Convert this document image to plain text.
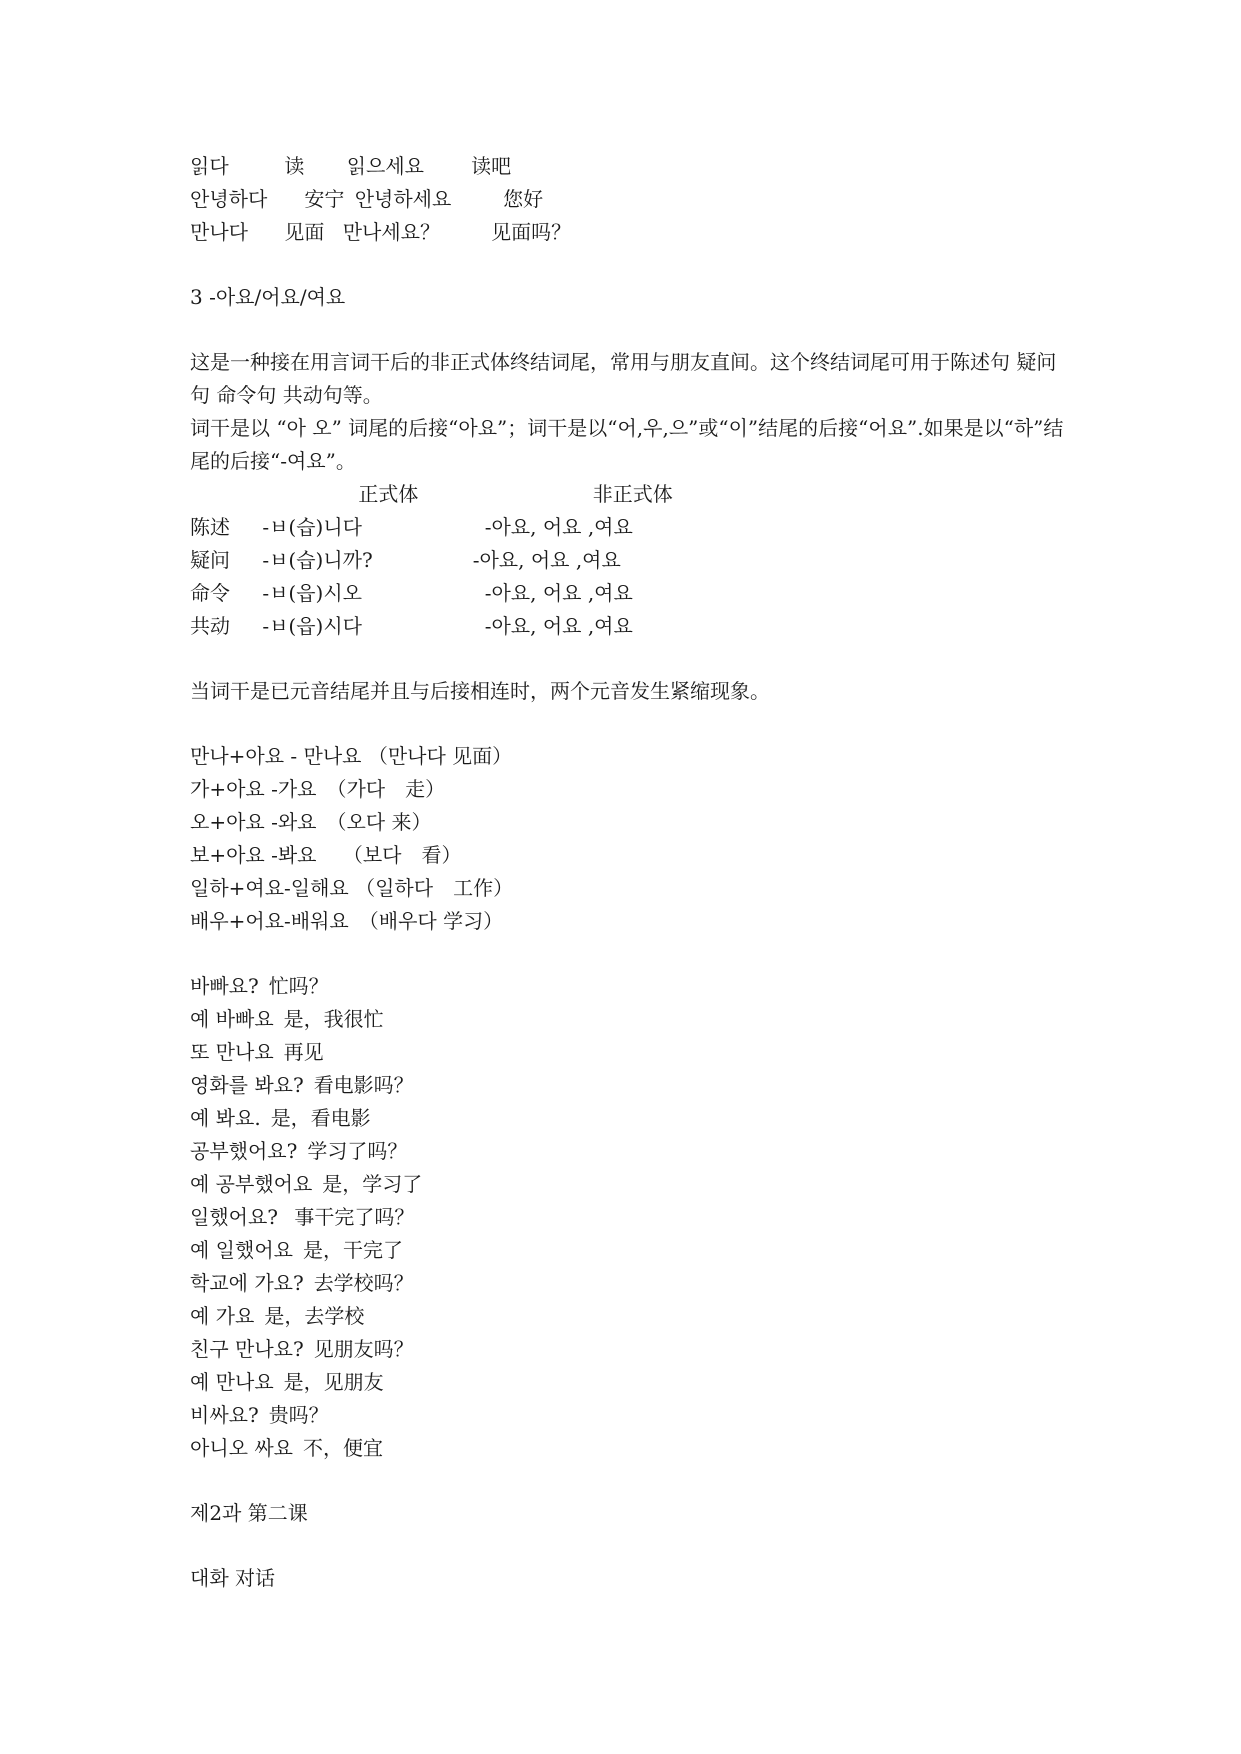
읽다	读 읽으세요 读吧
안녕하다 安宁 안녕하세요	您好
만나다 见面 만나세요？	见面吗？
3 -아요/어요/여요
这是一种接在用言词干后的非正式体终结词尾，常用与朋友直间。这个终结词尾可用于陈述句 疑问句 命令句 共动句等。
词干是以 “아 오” 词尾的后接“아요”；词干是以“어,우,으”或“이”结尾的后接“어요”.如果是以“하”结尾的后接“-여요”。
正式体	非正式体
陈述 -ㅂ(습)니다	-아요, 어요 ,여요
疑问 -ㅂ(습)니까?	-아요, 어요 ,여요
命令 -ㅂ(읍)시오	-아요, 어요 ,여요
共动 -ㅂ(읍)시다	-아요, 어요 ,여요
当词干是已元音结尾并且与后接相连时，两个元音发生紧缩现象。
만나+아요 - 만나요 （만나다 见面）
가+아요 -가요　（가다　走）
오+아요 -와요　（오다 来）
보+아요 -봐요　 （보다　看）
일하+여요-일해요 （일하다　工作）
배우+어요-배워요　（배우다 学习）
바빠요? 忙吗？
예 바빠요 是，我很忙
또 만나요 再见
영화를 봐요? 看电影吗？
예 봐요. 是，看电影
공부했어요? 学习了吗？
예 공부했어요 是，学习了
일했어요? 事干完了吗？
예 일했어요 是，干完了
학교에 가요? 去学校吗？
예 가요 是，去学校
친구 만나요? 见朋友吗？
예 만나요 是，见朋友
비싸요? 贵吗？
아니오 싸요 不，便宜
제2과 第二课
대화 对话
